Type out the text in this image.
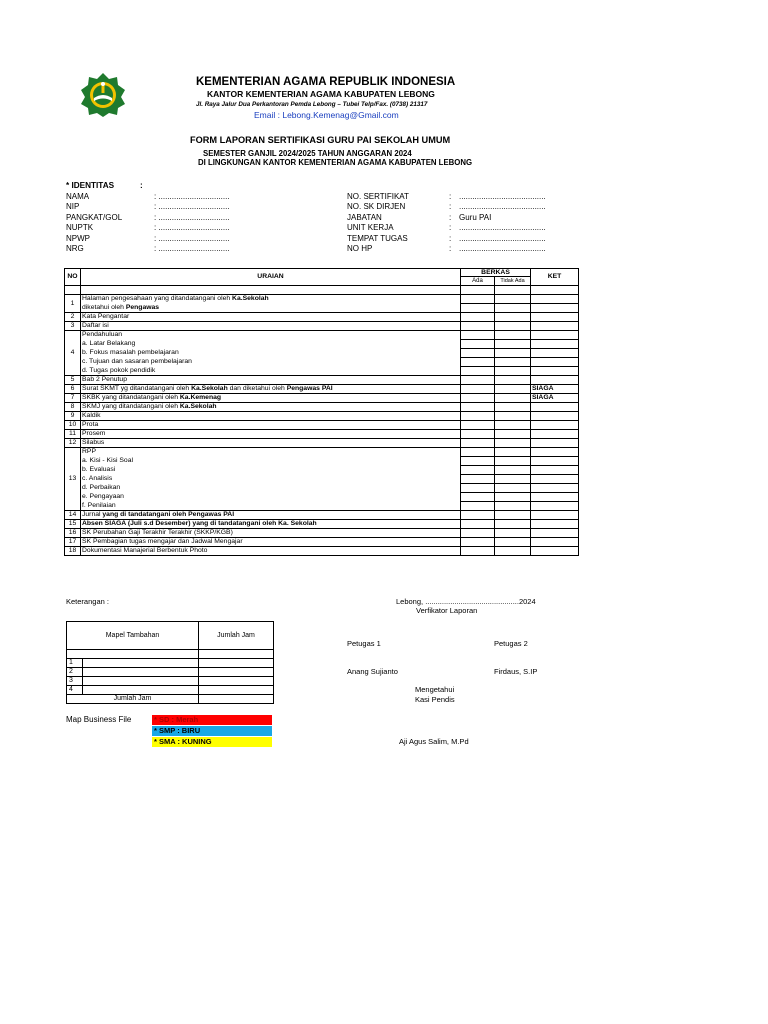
KEMENTERIAN AGAMA REPUBLIK INDONESIA
KANTOR KEMENTERIAN AGAMA KABUPATEN LEBONG
Jl. Raya Jalur Dua Perkantoran Pemda Lebong – Tubei Telp/Fax. (0738) 21317
Email : Lebong.Kemenag@Gmail.com
FORM LAPORAN SERTIFIKASI GURU PAI SEKOLAH UMUM
SEMESTER GANJIL 2024/2025 TAHUN ANGGARAN 2024
DI LINGKUNGAN KANTOR KEMENTERIAN AGAMA KABUPATEN LEBONG
* IDENTITAS	:
NAMA	: ................................
NIP	: ................................
PANGKAT/GOL	: ................................
NUPTK	: ................................
NPWP	: ................................
NRG	: ................................
NO. SERTIFIKAT	: .......................................
NO. SK DIRJEN	: .......................................
JABATAN	: Guru PAI
UNIT KERJA	: .......................................
TEMPAT TUGAS	: .......................................
NO HP	: .......................................
NO	URAIAN	BERKAS		KET
		Ada	Tidak Ada	

1	Halaman pengesahaan yang ditandatangani oleh Ka.Sekolah			
	diketahui oleh Pengawas			
2	Kata Pengantar			
3	Daftar isi			
4	Pendahuluan			
	a. Latar Belakang			
	b. Fokus masalah pembelajaran			
	c. Tujuan dan sasaran pembelajaran			
	d. Tugas pokok pendidik			
5	Bab 2 Penutup			
6	Surat SKMT yg ditandatangani oleh Ka.Sekolah dan diketahui oleh Pengawas PAI			SIAGA
7	SKBK yang ditandatangani oleh Ka.Kemenag			SIAGA
8	SKMJ yang ditandatangani oleh Ka.Sekolah			
9	Kaldik			
10	Prota			
11	Prosem			
12	Silabus			
13	RPP			
	a. Kisi - Kisi Soal			
	b. Evaluasi			
	c. Analisis			
	d. Perbaikan			
	e. Pengayaan			
	f. Penilaian			
14	Jurnal yang di tandatangani oleh Pengawas PAI			
15	Absen SIAGA (Juli s.d Desember) yang di tandatangani oleh Ka. Sekolah			
16	SK Perubahan Gaji Terakhir Terakhir (SKKP/KGB)			
17	SK Pembagian tugas mengajar dan Jadwal Mengajar			
18	Dokumentasi Manajerial Berbentuk Photo			
Keterangan :	Lebong, .............................................2024
Verfikator Laporan
Petugas 1	Petugas 2
Anang Sujianto	Firdaus, S.IP
Mengetahui
Kasi Pendis
Aji Agus Salim, M.Pd
Mapel Tambahan		Jumlah Jam

1		
2		
3		
4		
Jumlah Jam		
Map Business File	* SD : Merah
* SMP : BIRU
* SMA : KUNING
